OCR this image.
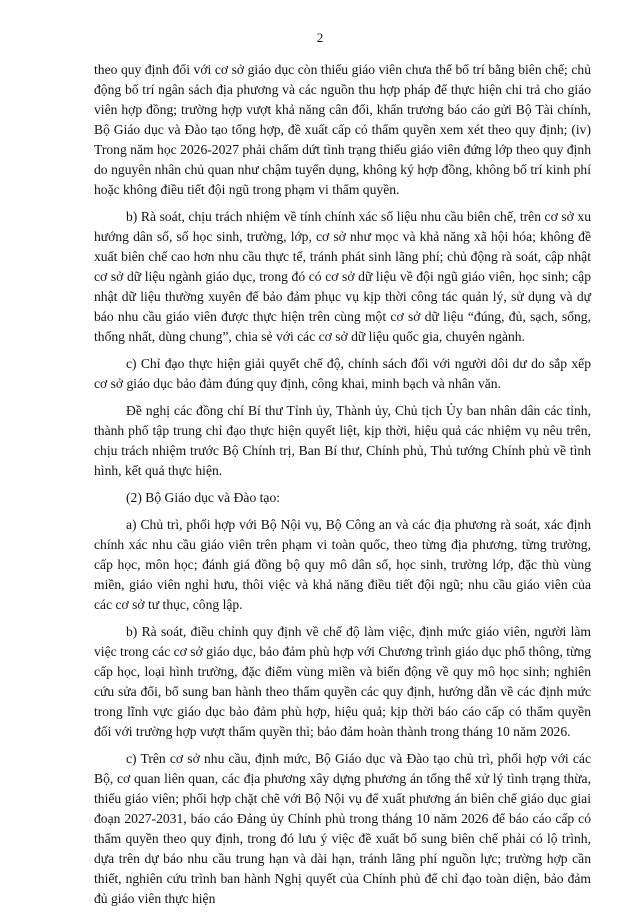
2

theo quy định đối với cơ sở giáo dục còn thiếu giáo viên chưa thể bố trí bằng biên chế; chủ động bố trí ngân sách địa phương và các nguồn thu hợp pháp để thực hiện chi trả cho giáo viên hợp đồng; trường hợp vượt khả năng cân đối, khẩn trương báo cáo gửi Bộ Tài chính, Bộ Giáo dục và Đào tạo tổng hợp, đề xuất cấp có thẩm quyền xem xét theo quy định; (iv) Trong năm học 2026-2027 phải chấm dứt tình trạng thiếu giáo viên đứng lớp theo quy định do nguyên nhân chủ quan như chậm tuyển dụng, không ký hợp đồng, không bố trí kinh phí hoặc không điều tiết đội ngũ trong phạm vi thẩm quyền.

b) Rà soát, chịu trách nhiệm về tính chính xác số liệu nhu cầu biên chế, trên cơ sở xu hướng dân số, số học sinh, trường, lớp, cơ sở như mọc và khả năng xã hội hóa; không đề xuất biên chế cao hơn nhu cầu thực tế, tránh phát sinh lãng phí; chủ động rà soát, cập nhật cơ sở dữ liệu ngành giáo dục, trong đó có cơ sở dữ liệu về đội ngũ giáo viên, học sinh; cập nhật dữ liệu thường xuyên để bảo đảm phục vụ kịp thời công tác quản lý, sử dụng và dự báo nhu cầu giáo viên được thực hiện trên cùng một cơ sở dữ liệu “đúng, đủ, sạch, sống, thống nhất, dùng chung”, chia sẻ với các cơ sở dữ liệu quốc gia, chuyên ngành.

c) Chỉ đạo thực hiện giải quyết chế độ, chính sách đối với người dôi dư do sắp xếp cơ sở giáo dục bảo đảm đúng quy định, công khai, minh bạch và nhân văn.

Đề nghị các đồng chí Bí thư Tỉnh ủy, Thành ủy, Chủ tịch Ủy ban nhân dân các tỉnh, thành phố tập trung chỉ đạo thực hiện quyết liệt, kịp thời, hiệu quả các nhiệm vụ nêu trên, chịu trách nhiệm trước Bộ Chính trị, Ban Bí thư, Chính phủ, Thủ tướng Chính phủ về tình hình, kết quả thực hiện.

(2) Bộ Giáo dục và Đào tạo:

a) Chủ trì, phối hợp với Bộ Nội vụ, Bộ Công an và các địa phương rà soát, xác định chính xác nhu cầu giáo viên trên phạm vi toàn quốc, theo từng địa phương, từng trường, cấp học, môn học; đánh giá đồng bộ quy mô dân số, học sinh, trường lớp, đặc thù vùng miền, giáo viên nghỉ hưu, thôi việc và khả năng điều tiết đội ngũ; nhu cầu giáo viên của các cơ sở tư thục, công lập.

b) Rà soát, điều chỉnh quy định về chế độ làm việc, định mức giáo viên, người làm việc trong các cơ sở giáo dục, bảo đảm phù hợp với Chương trình giáo dục phổ thông, từng cấp học, loại hình trường, đặc điểm vùng miền và biến động về quy mô học sinh; nghiên cứu sửa đổi, bổ sung ban hành theo thẩm quyền các quy định, hướng dẫn về các định mức trong lĩnh vực giáo dục bảo đảm phù hợp, hiệu quả; kịp thời báo cáo cấp có thẩm quyền đối với trường hợp vượt thẩm quyền thì; bảo đảm hoàn thành trong tháng 10 năm 2026.

c) Trên cơ sở nhu cầu, định mức, Bộ Giáo dục và Đào tạo chủ trì, phối hợp với các Bộ, cơ quan liên quan, các địa phương xây dựng phương án tổng thể xử lý tình trạng thừa, thiếu giáo viên; phối hợp chặt chẽ với Bộ Nội vụ để xuất phương án biên chế giáo dục giai đoạn 2027-2031, báo cáo Đảng ủy Chính phủ trong tháng 10 năm 2026 để báo cáo cấp có thẩm quyền theo quy định, trong đó lưu ý việc đề xuất bổ sung biên chế phải có lộ trình, dựa trên dự báo nhu cầu trung hạn và dài hạn, tránh lãng phí nguồn lực; trường hợp cần thiết, nghiên cứu trình ban hành Nghị quyết của Chính phủ để chỉ đạo toàn diện, bảo đảm đủ giáo viên thực hiện
